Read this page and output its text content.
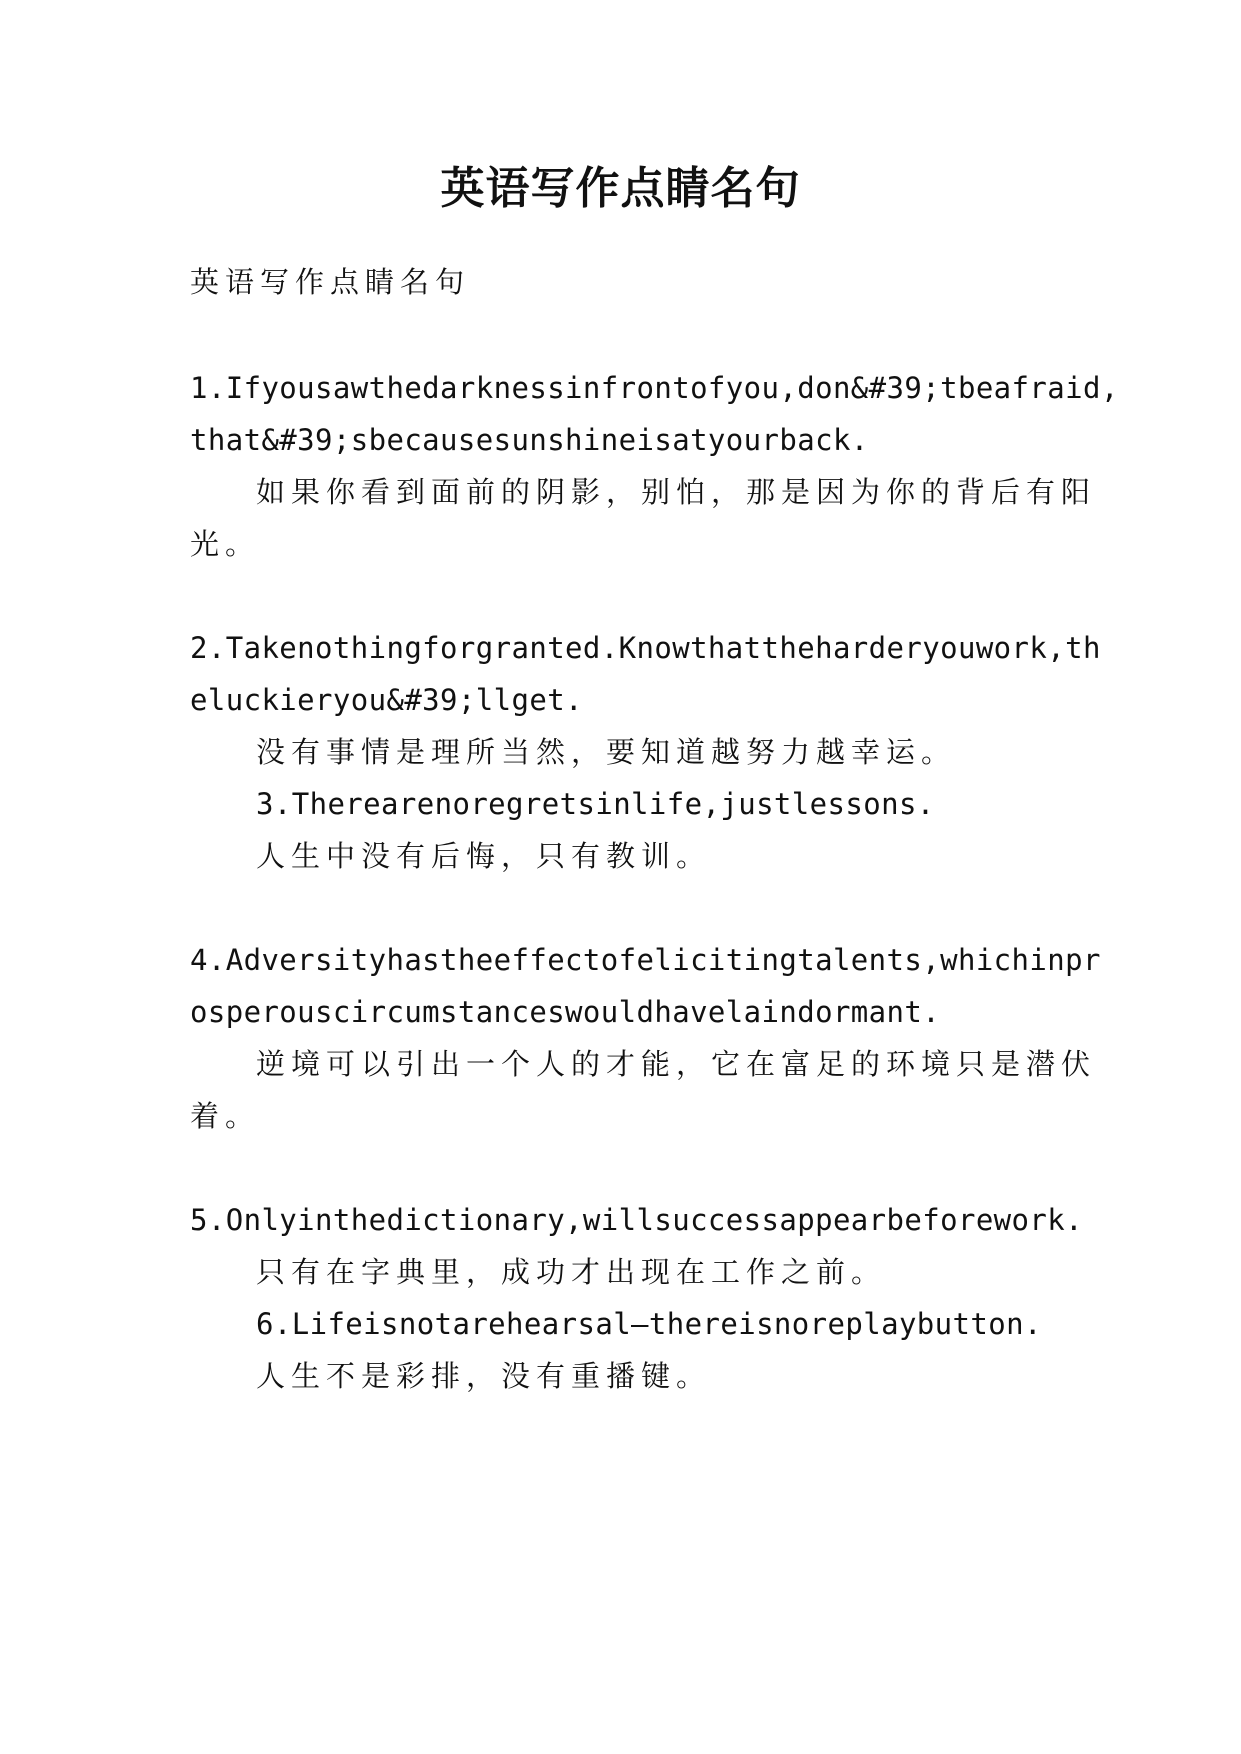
英语写作点睛名句
英语写作点睛名句
1.Ifyousawthedarknessinfrontofyou,don&#39;tbeafraid,
that&#39;sbecausesunshineisatyourback.
如果你看到面前的阴影，别怕，那是因为你的背后有阳
光。
2.Takenothingforgranted.Knowthattheharderyouwork,th
eluckieryou&#39;llget.
没有事情是理所当然，要知道越努力越幸运。
3.Therearenoregretsinlife,justlessons.
人生中没有后悔，只有教训。
4.Adversityhastheeffectofelicitingtalents,whichinpr
osperouscircumstanceswouldhavelaindormant.
逆境可以引出一个人的才能，它在富足的环境只是潜伏
着。
5.Onlyinthedictionary,willsuccessappearbeforework.
只有在字典里，成功才出现在工作之前。
6.Lifeisnotarehearsal—thereisnoreplaybutton.
人生不是彩排，没有重播键。
